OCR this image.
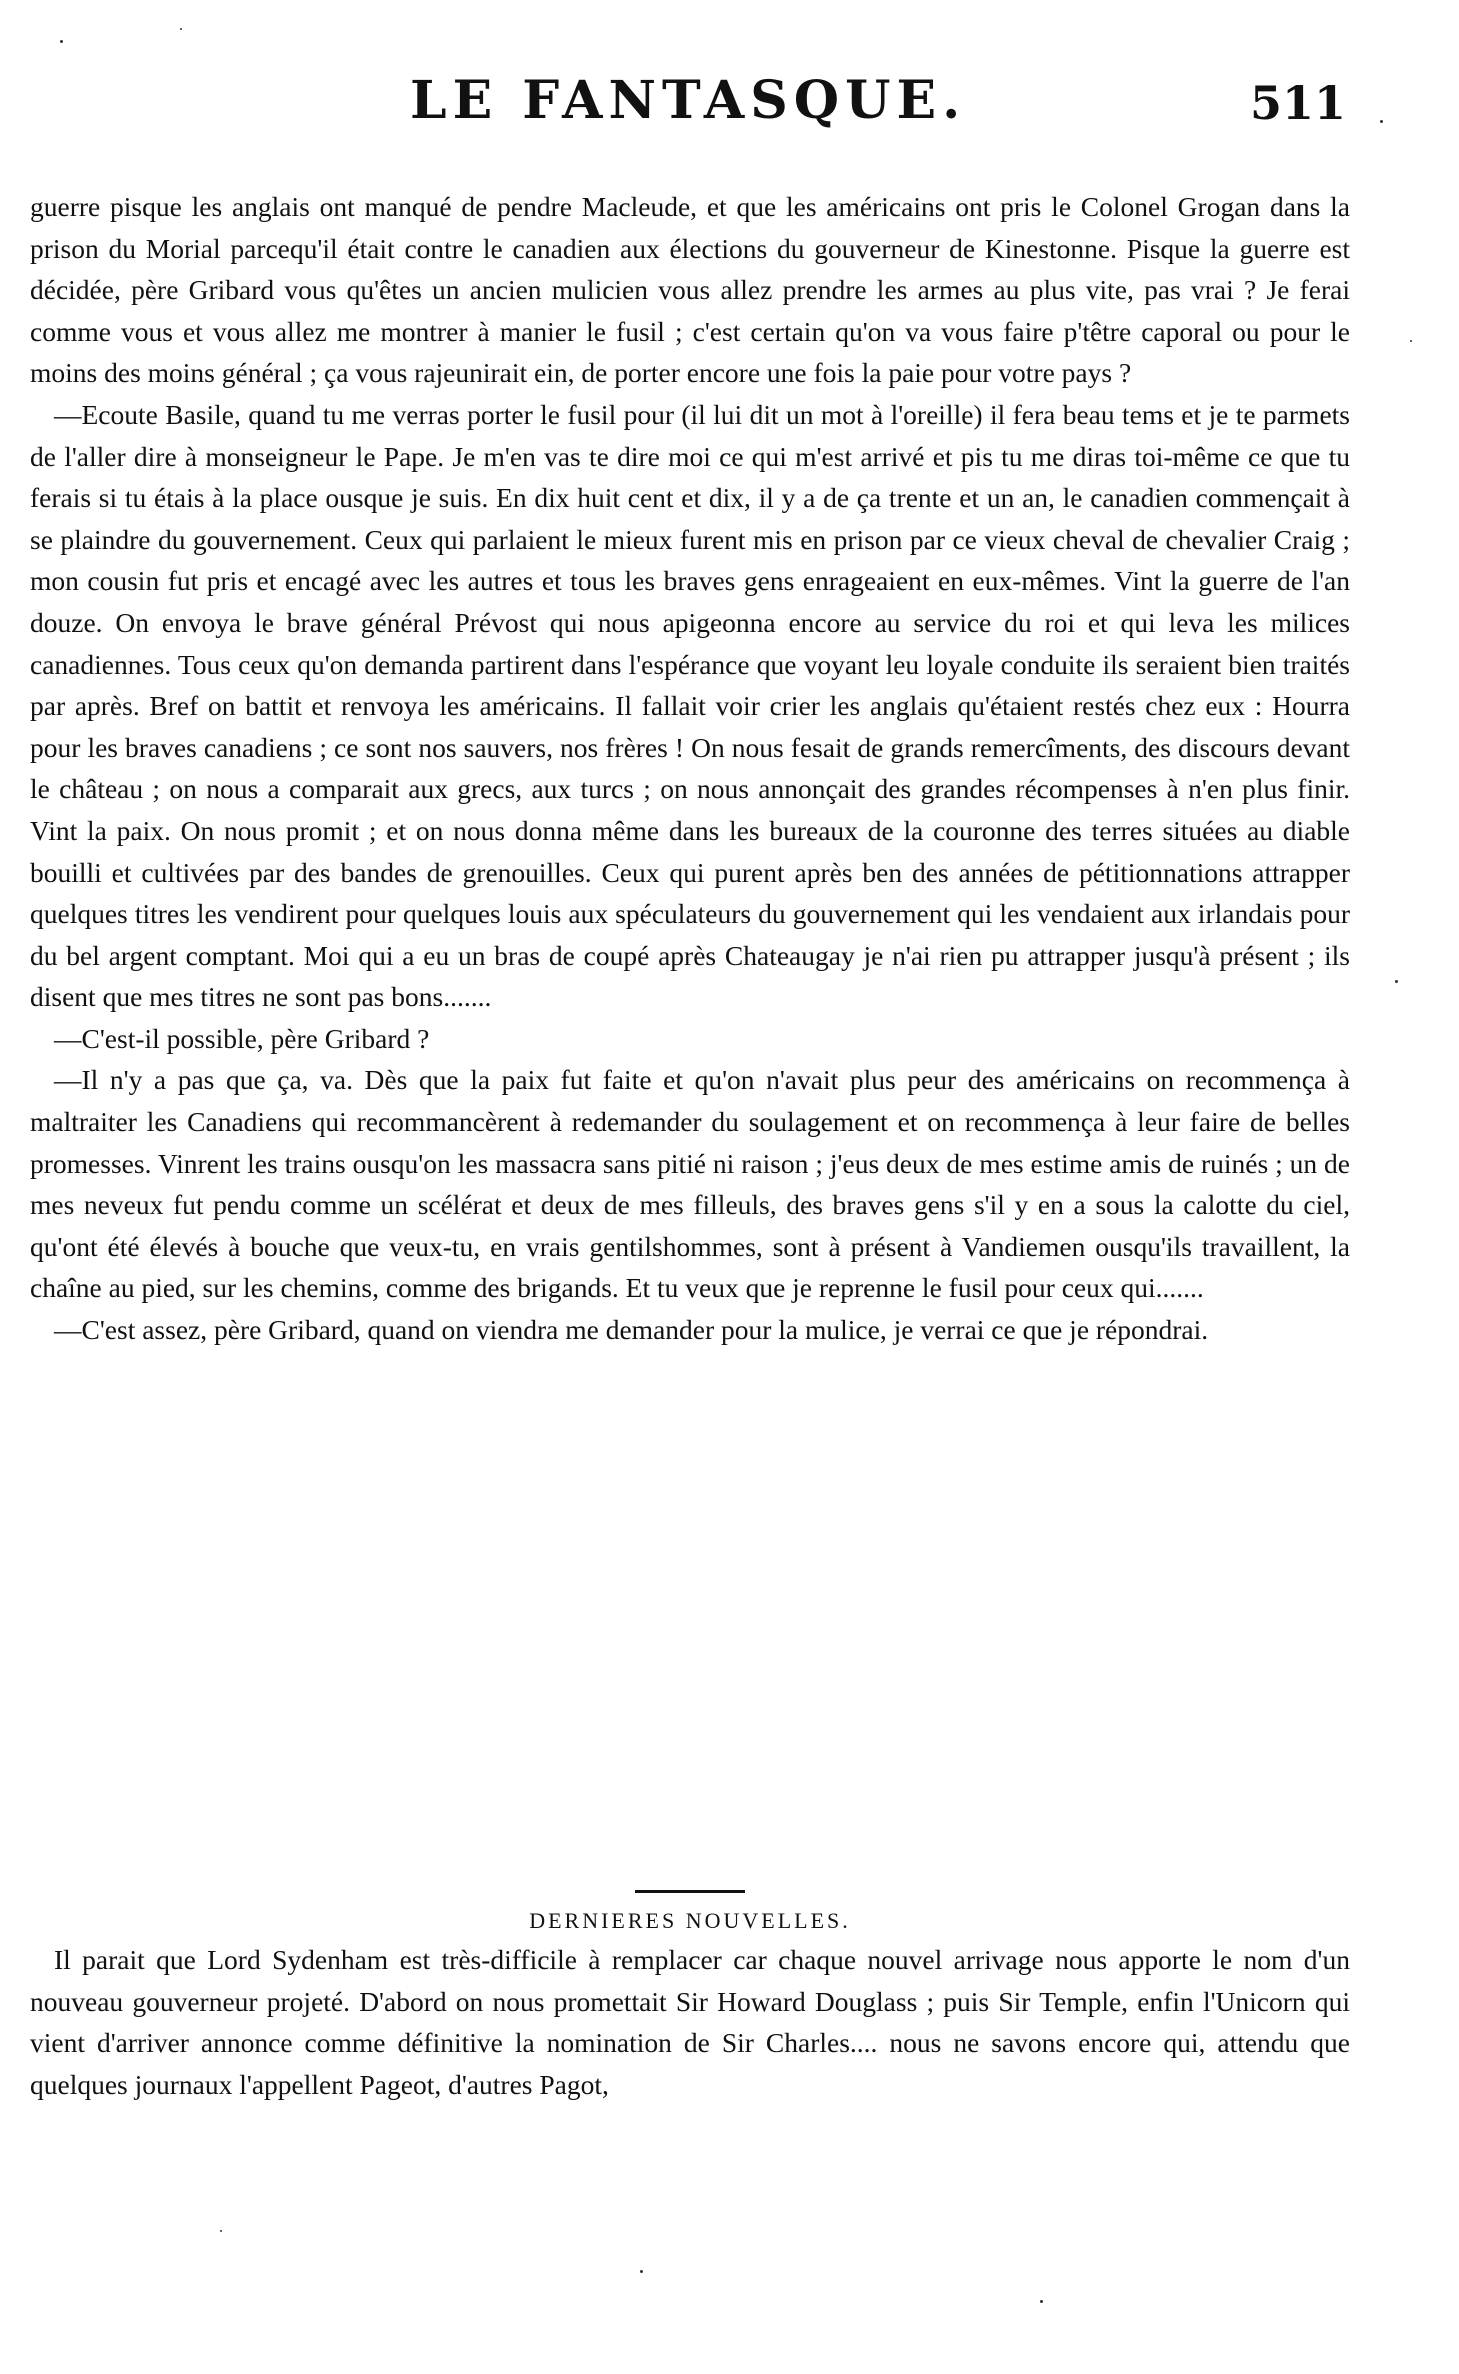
LE FANTASQUE.	511

guerre pisque les anglais ont manqué de pendre Macleude, et que les américains ont pris le Colonel Grogan dans la prison du Morial parcequ'il était contre le canadien aux élections du gouverneur de Kinestonne. Pisque la guerre est décidée, père Gribard vous qu'êtes un ancien mulicien vous allez prendre les armes au plus vite, pas vrai ? Je ferai comme vous et vous allez me montrer à manier le fusil ; c'est certain qu'on va vous faire p'têtre caporal ou pour le moins des moins général ; ça vous rajeunirait ein, de porter encore une fois la paie pour votre pays ?

—Ecoute Basile, quand tu me verras porter le fusil pour (il lui dit un mot à l'oreille) il fera beau tems et je te parmets de l'aller dire à monseigneur le Pape. Je m'en vas te dire moi ce qui m'est arrivé et pis tu me diras toi-même ce que tu ferais si tu étais à la place ousque je suis. En dix huit cent et dix, il y a de ça trente et un an, le canadien commençait à se plaindre du gouvernement. Ceux qui parlaient le mieux furent mis en prison par ce vieux cheval de chevalier Craig ; mon cousin fut pris et encagé avec les autres et tous les braves gens enrageaient en eux-mêmes. Vint la guerre de l'an douze. On envoya le brave général Prévost qui nous apigeonna encore au service du roi et qui leva les milices canadiennes. Tous ceux qu'on demanda partirent dans l'espérance que voyant leu loyale conduite ils seraient bien traités par après. Bref on battit et renvoya les américains. Il fallait voir crier les anglais qu'étaient restés chez eux : Hourra pour les braves canadiens ; ce sont nos sauvers, nos frères ! On nous fesait de grands remercîments, des discours devant le château ; on nous a comparait aux grecs, aux turcs ; on nous annonçait des grandes récompenses à n'en plus finir. Vint la paix. On nous promit ; et on nous donna même dans les bureaux de la couronne des terres situées au diable bouilli et cultivées par des bandes de grenouilles. Ceux qui purent après ben des années de pétitionnations attrapper quelques titres les vendirent pour quelques louis aux spéculateurs du gouvernement qui les vendaient aux irlandais pour du bel argent comptant. Moi qui a eu un bras de coupé après Chateaugay je n'ai rien pu attrapper jusqu'à présent ; ils disent que mes titres ne sont pas bons.......

—C'est-il possible, père Gribard ?

—Il n'y a pas que ça, va. Dès que la paix fut faite et qu'on n'avait plus peur des américains on recommença à maltraiter les Canadiens qui recommancèrent à redemander du soulagement et on recommença à leur faire de belles promesses. Vinrent les trains ousqu'on les massacra sans pitié ni raison ; j'eus deux de mes estime amis de ruinés ; un de mes neveux fut pendu comme un scélérat et deux de mes filleuls, des braves gens s'il y en a sous la calotte du ciel, qu'ont été élevés à bouche que veux-tu, en vrais gentilshommes, sont à présent à Vandiemen ousqu'ils travaillent, la chaîne au pied, sur les chemins, comme des brigands. Et tu veux que je reprenne le fusil pour ceux qui.......

—C'est assez, père Gribard, quand on viendra me demander pour la mulice, je verrai ce que je répondrai.

DERNIERES NOUVELLES.

Il parait que Lord Sydenham est très-difficile à remplacer car chaque nouvel arrivage nous apporte le nom d'un nouveau gouverneur projeté. D'abord on nous promettait Sir Howard Douglass ; puis Sir Temple, enfin l'Unicorn qui vient d'arriver annonce comme définitive la nomination de Sir Charles.... nous ne savons encore qui, attendu que quelques journaux l'appellent Pageot, d'autres Pagot,
